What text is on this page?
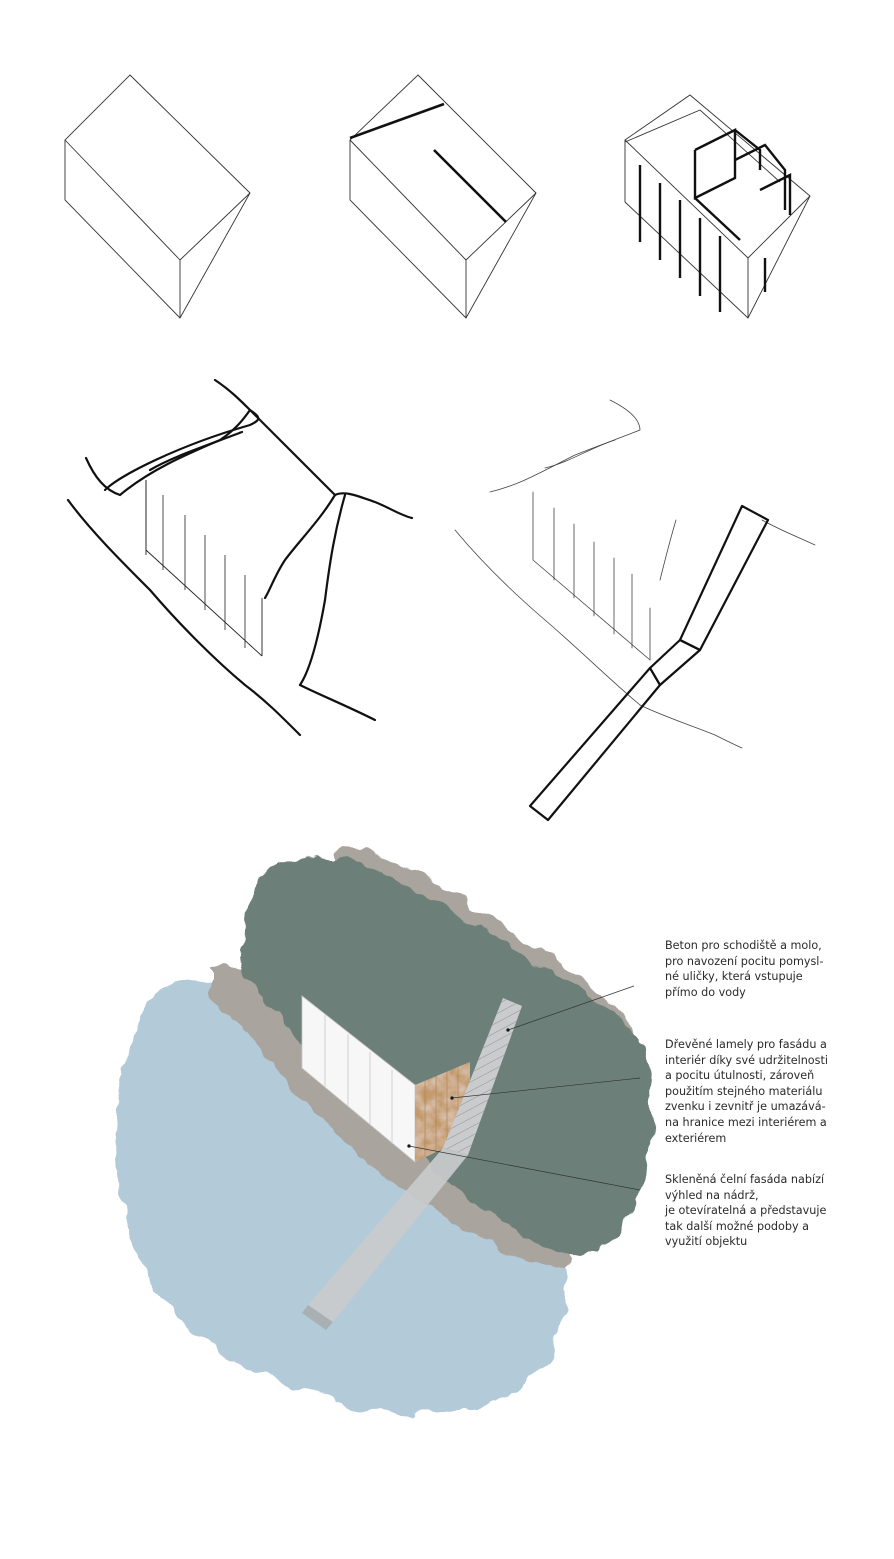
Beton pro schodiště a molo,
pro navození pocitu pomysl-
né uličky, která vstupuje
přímo do vody

Dřevěné lamely pro fasádu a
interiér díky své udržitelnosti
a pocitu útulnosti, zároveň
použitím stejného materiálu
zvenku i zevnitř je umazává-
na hranice mezi interiérem a
exteriérem

Skleněná čelní fasáda nabízí
výhled na nádrž,
je otevíratelná a představuje
tak další možné podoby a
využití objektu
